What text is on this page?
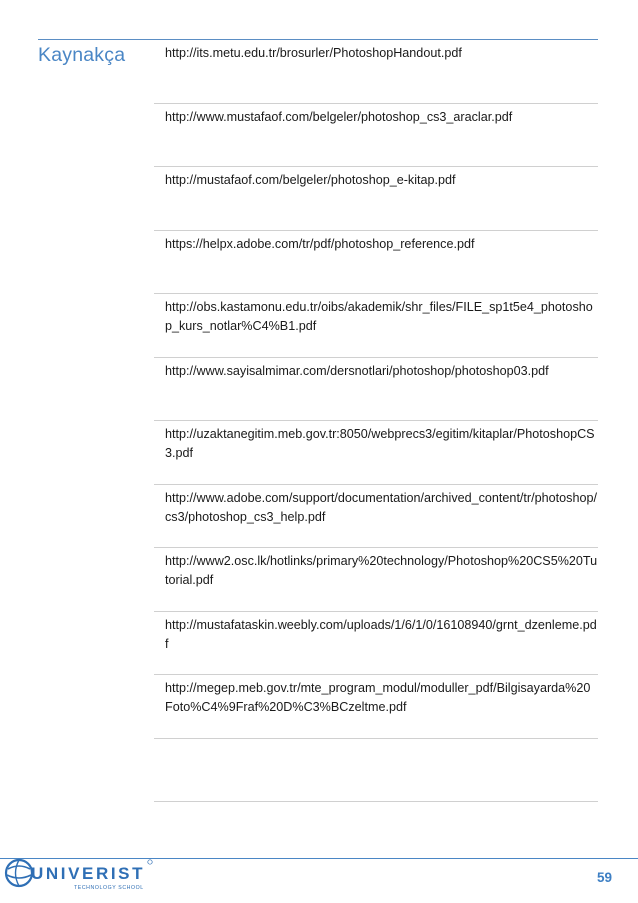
Kaynakça	http://its.metu.edu.tr/brosurler/PhotoshopHandout.pdf
http://www.mustafaof.com/belgeler/photoshop_cs3_araclar.pdf
http://mustafaof.com/belgeler/photoshop_e-kitap.pdf
https://helpx.adobe.com/tr/pdf/photoshop_reference.pdf
http://obs.kastamonu.edu.tr/oibs/akademik/shr_files/FILE_sp1t5e4_photoshop_kurs_notlar%C4%B1.pdf
http://www.sayisalmimar.com/dersnotlari/photoshop/photoshop03.pdf
http://uzaktanegitim.meb.gov.tr:8050/webprecs3/egitim/kitaplar/PhotoshopCS3.pdf
http://www.adobe.com/support/documentation/archived_content/tr/photoshop/cs3/photoshop_cs3_help.pdf
http://www2.osc.lk/hotlinks/primary%20technology/Photoshop%20CS5%20Tutorial.pdf
http://mustafataskin.weebly.com/uploads/1/6/1/0/16108940/grnt_dzenleme.pdf
http://megep.meb.gov.tr/mte_program_modul/moduller_pdf/Bilgisayarda%20Foto%C4%9Fraf%20D%C3%BCzeltme.pdf
UNIVERIST
TECHNOLOGY SCHOOL
59
